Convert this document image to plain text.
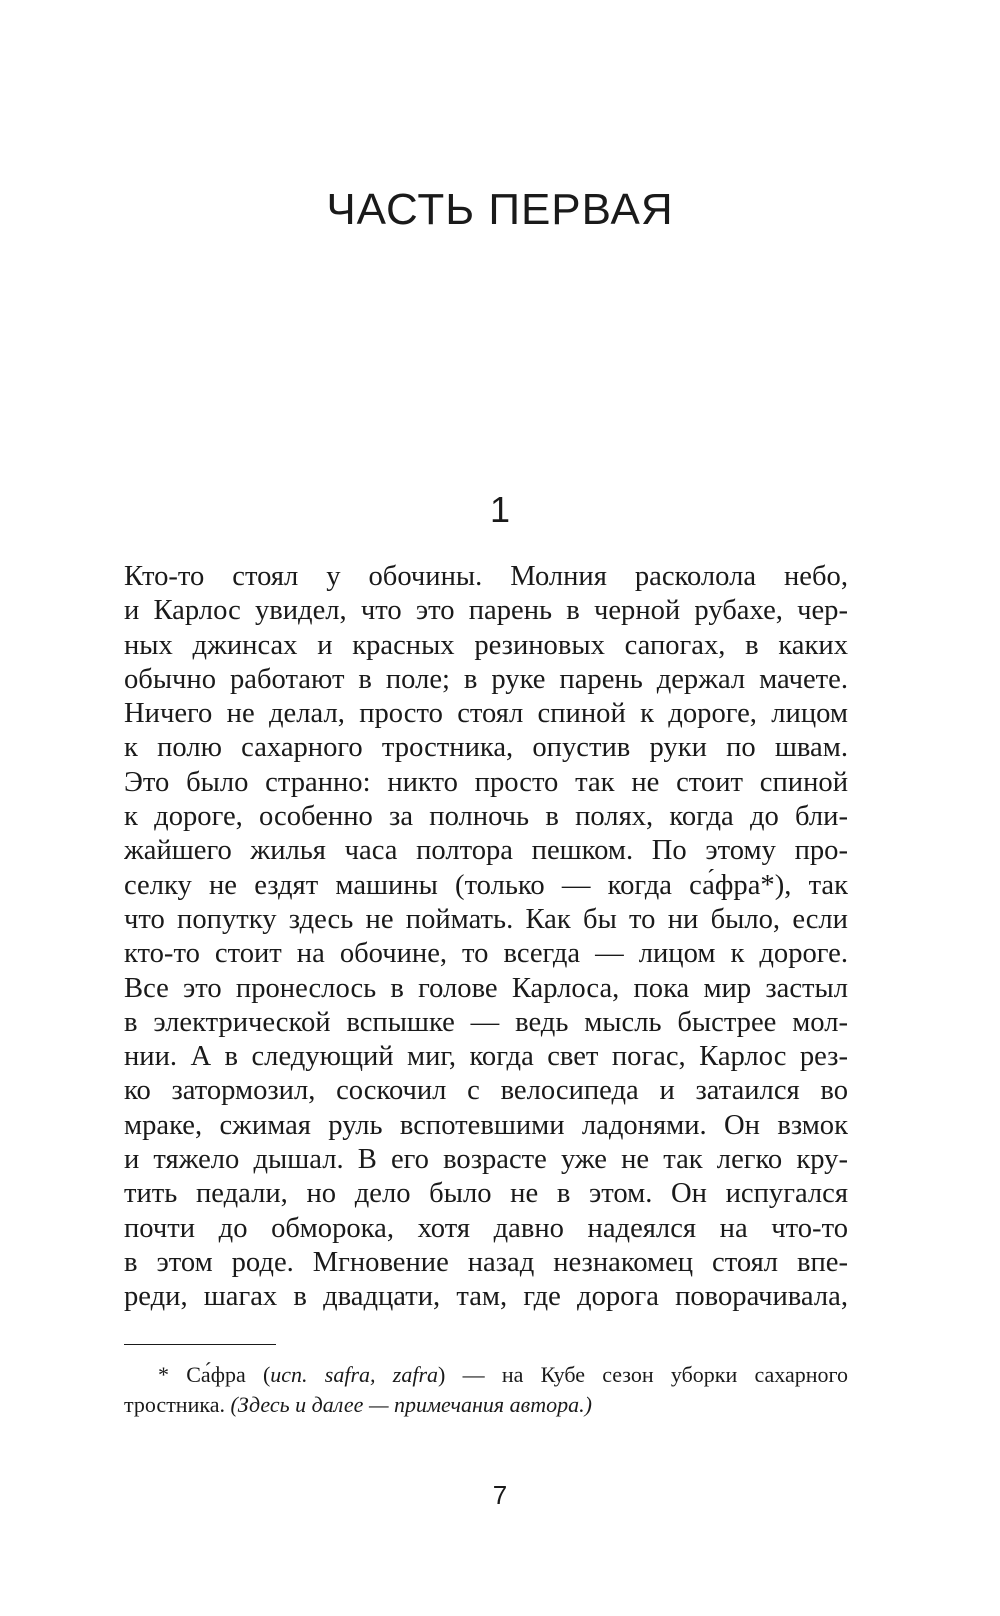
ЧАСТЬ ПЕРВАЯ
1
Кто-то стоял у обочины. Молния расколола небо,
и Карлос увидел, что это парень в черной рубахе, чер-
ных джинсах и красных резиновых сапогах, в каких
обычно работают в поле; в руке парень держал мачете.
Ничего не делал, просто стоял спиной к дороге, лицом
к полю сахарного тростника, опустив руки по швам.
Это было странно: никто просто так не стоит спиной
к дороге, особенно за полночь в полях, когда до бли-
жайшего жилья часа полтора пешком. По этому про-
селку не ездят машины (только — когда са́фра*), так
что попутку здесь не поймать. Как бы то ни было, если
кто-то стоит на обочине, то всегда — лицом к дороге.
Все это пронеслось в голове Карлоса, пока мир застыл
в электрической вспышке — ведь мысль быстрее мол-
нии. А в следующий миг, когда свет погас, Карлос рез-
ко затормозил, соскочил с велосипеда и затаился во
мраке, сжимая руль вспотевшими ладонями. Он взмок
и тяжело дышал. В его возрасте уже не так легко кру-
тить педали, но дело было не в этом. Он испугался
почти до обморока, хотя давно надеялся на что-то
в этом роде. Мгновение назад незнакомец стоял впе-
реди, шагах в двадцати, там, где дорога поворачивала,
* Са́фра (исп. safra, zafra) — на Кубе сезон уборки сахарного
тростника. (Здесь и далее — примечания автора.)
7
